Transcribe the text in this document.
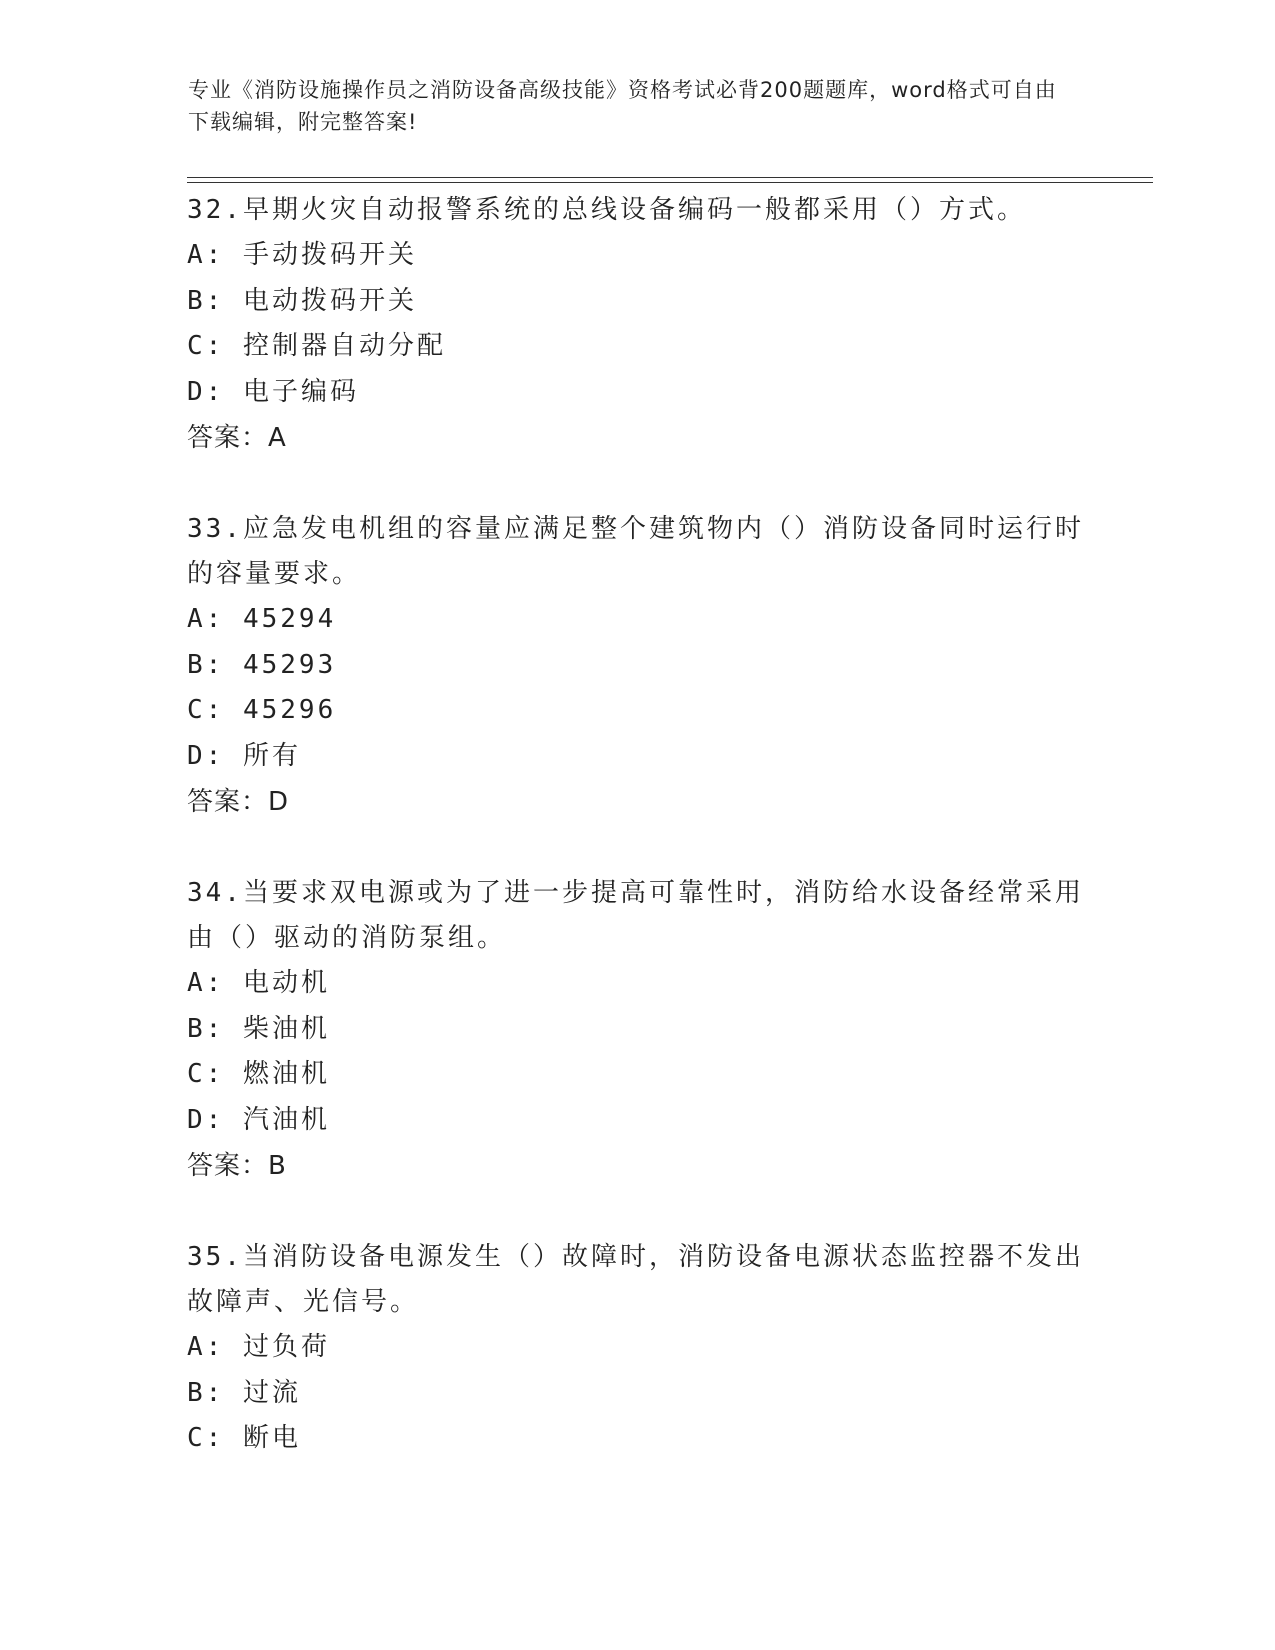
专业《消防设施操作员之消防设备高级技能》资格考试必背200题题库，word格式可自由下载编辑，附完整答案!

32.早期火灾自动报警系统的总线设备编码一般都采用（）方式。

A: 手动拨码开关

B: 电动拨码开关

C: 控制器自动分配

D: 电子编码

答案：A

33.应急发电机组的容量应满足整个建筑物内（）消防设备同时运行时的容量要求。

A: 45294

B: 45293

C: 45296

D: 所有

答案：D

34.当要求双电源或为了进一步提高可靠性时，消防给水设备经常采用由（）驱动的消防泵组。

A: 电动机

B: 柴油机

C: 燃油机

D: 汽油机

答案：B

35.当消防设备电源发生（）故障时，消防设备电源状态监控器不发出故障声、光信号。

A: 过负荷

B: 过流

C: 断电
